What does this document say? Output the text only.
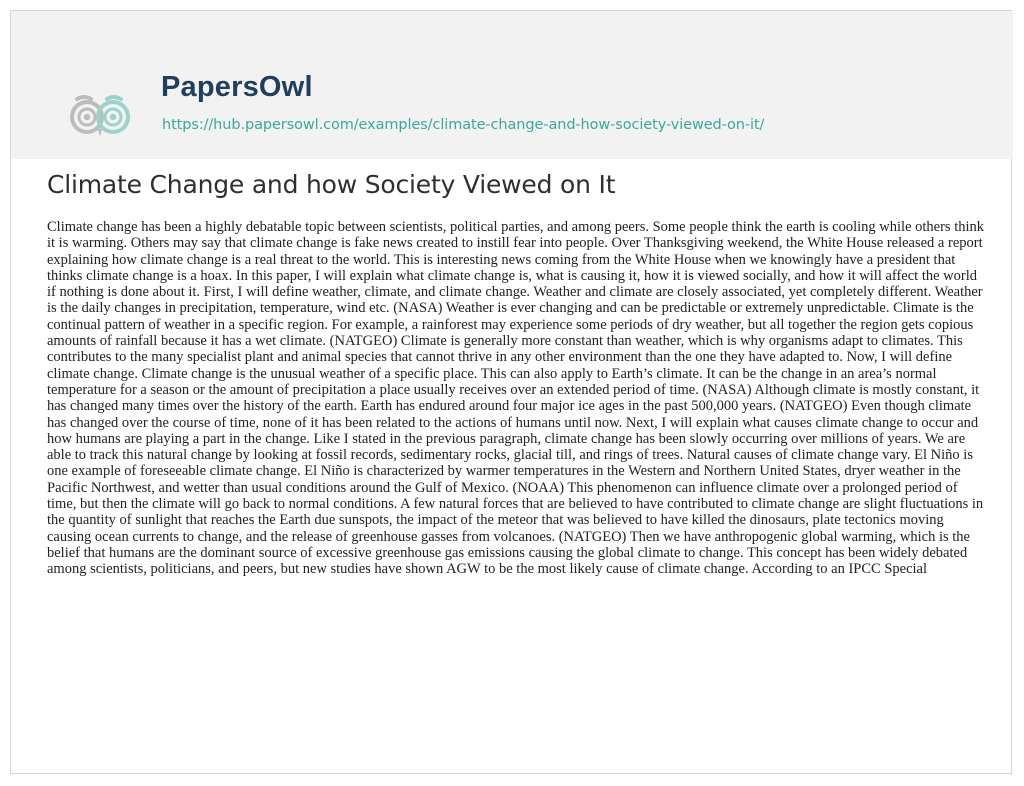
PapersOwl
https://hub.papersowl.com/examples/climate-change-and-how-society-viewed-on-it/
Climate Change and how Society Viewed on It

Climate change has been a highly debatable topic between scientists, political parties, and among peers. Some people think the earth is cooling while others think it is warming. Others may say that climate change is fake news created to instill fear into people. Over Thanksgiving weekend, the White House released a report explaining how climate change is a real threat to the world. This is interesting news coming from the White House when we knowingly have a president that thinks climate change is a hoax. In this paper, I will explain what climate change is, what is causing it, how it is viewed socially, and how it will affect the world if nothing is done about it. First, I will define weather, climate, and climate change. Weather and climate are closely associated, yet completely different. Weather is the daily changes in precipitation, temperature, wind etc. (NASA) Weather is ever changing and can be predictable or extremely unpredictable. Climate is the continual pattern of weather in a specific region. For example, a rainforest may experience some periods of dry weather, but all together the region gets copious amounts of rainfall because it has a wet climate. (NATGEO) Climate is generally more constant than weather, which is why organisms adapt to climates. This contributes to the many specialist plant and animal species that cannot thrive in any other environment than the one they have adapted to. Now, I will define climate change. Climate change is the unusual weather of a specific place. This can also apply to Earth’s climate. It can be the change in an area’s normal temperature for a season or the amount of precipitation a place usually receives over an extended period of time. (NASA) Although climate is mostly constant, it has changed many times over the history of the earth. Earth has endured around four major ice ages in the past 500,000 years. (NATGEO) Even though climate has changed over the course of time, none of it has been related to the actions of humans until now. Next, I will explain what causes climate change to occur and how humans are playing a part in the change. Like I stated in the previous paragraph, climate change has been slowly occurring over millions of years. We are able to track this natural change by looking at fossil records, sedimentary rocks, glacial till, and rings of trees. Natural causes of climate change vary. El Niño is one example of foreseeable climate change. El Niño is characterized by warmer temperatures in the Western and Northern United States, dryer weather in the Pacific Northwest, and wetter than usual conditions around the Gulf of Mexico. (NOAA) This phenomenon can influence climate over a prolonged period of time, but then the climate will go back to normal conditions. A few natural forces that are believed to have contributed to climate change are slight fluctuations in the quantity of sunlight that reaches the Earth due sunspots, the impact of the meteor that was believed to have killed the dinosaurs, plate tectonics moving causing ocean currents to change, and the release of greenhouse gasses from volcanoes. (NATGEO) Then we have anthropogenic global warming, which is the belief that humans are the dominant source of excessive greenhouse gas emissions causing the global climate to change. This concept has been widely debated among scientists, politicians, and peers, but new studies have shown AGW to be the most likely cause of climate change. According to an IPCC Special
